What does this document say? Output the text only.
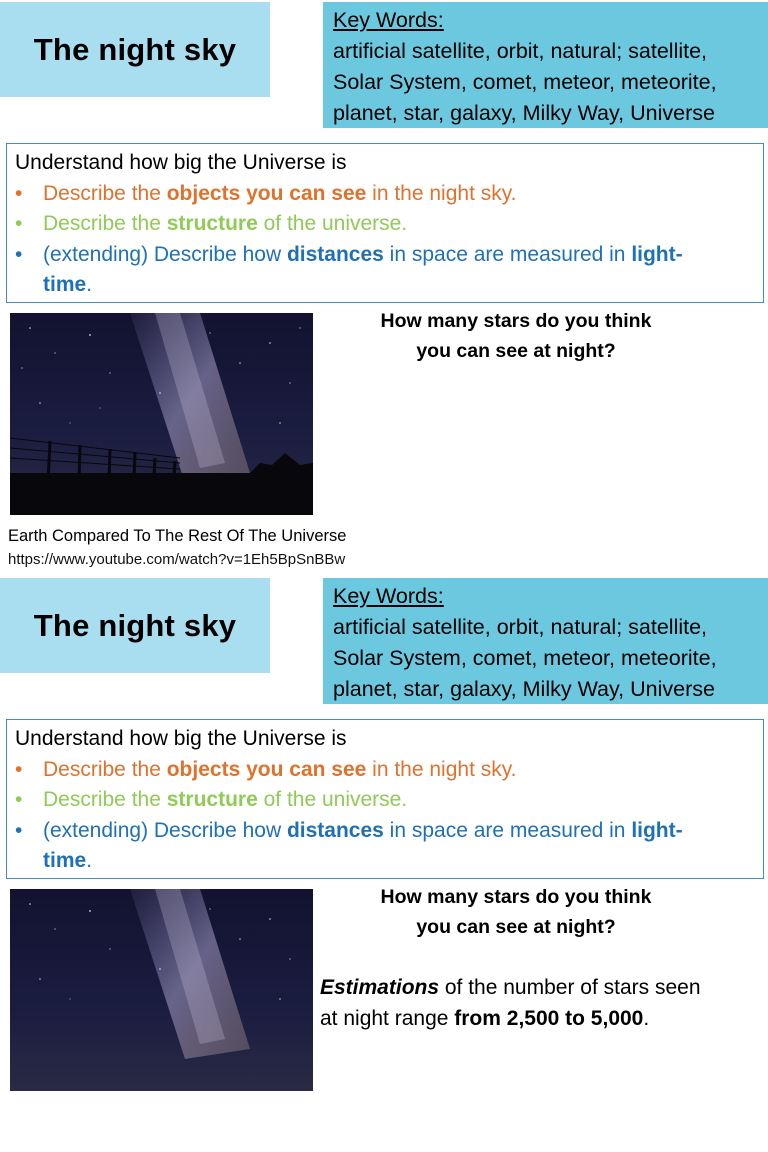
The night sky
Key Words:
artificial satellite, orbit, natural; satellite,
Solar System, comet, meteor, meteorite,
planet, star, galaxy, Milky Way, Universe
Understand how big the Universe is
• Describe the objects you can see in the night sky.
• Describe the structure of the universe.
• (extending) Describe how distances in space are measured in light-
time.
How many stars do you think
you can see at night?
Earth Compared To The Rest Of The Universe
https://www.youtube.com/watch?v=1Eh5BpSnBBw
The night sky
Key Words:
artificial satellite, orbit, natural; satellite,
Solar System, comet, meteor, meteorite,
planet, star, galaxy, Milky Way, Universe
Understand how big the Universe is
• Describe the objects you can see in the night sky.
• Describe the structure of the universe.
• (extending) Describe how distances in space are measured in light-
time.
How many stars do you think
you can see at night?
Estimations of the number of stars seen
at night range from 2,500 to 5,000.
